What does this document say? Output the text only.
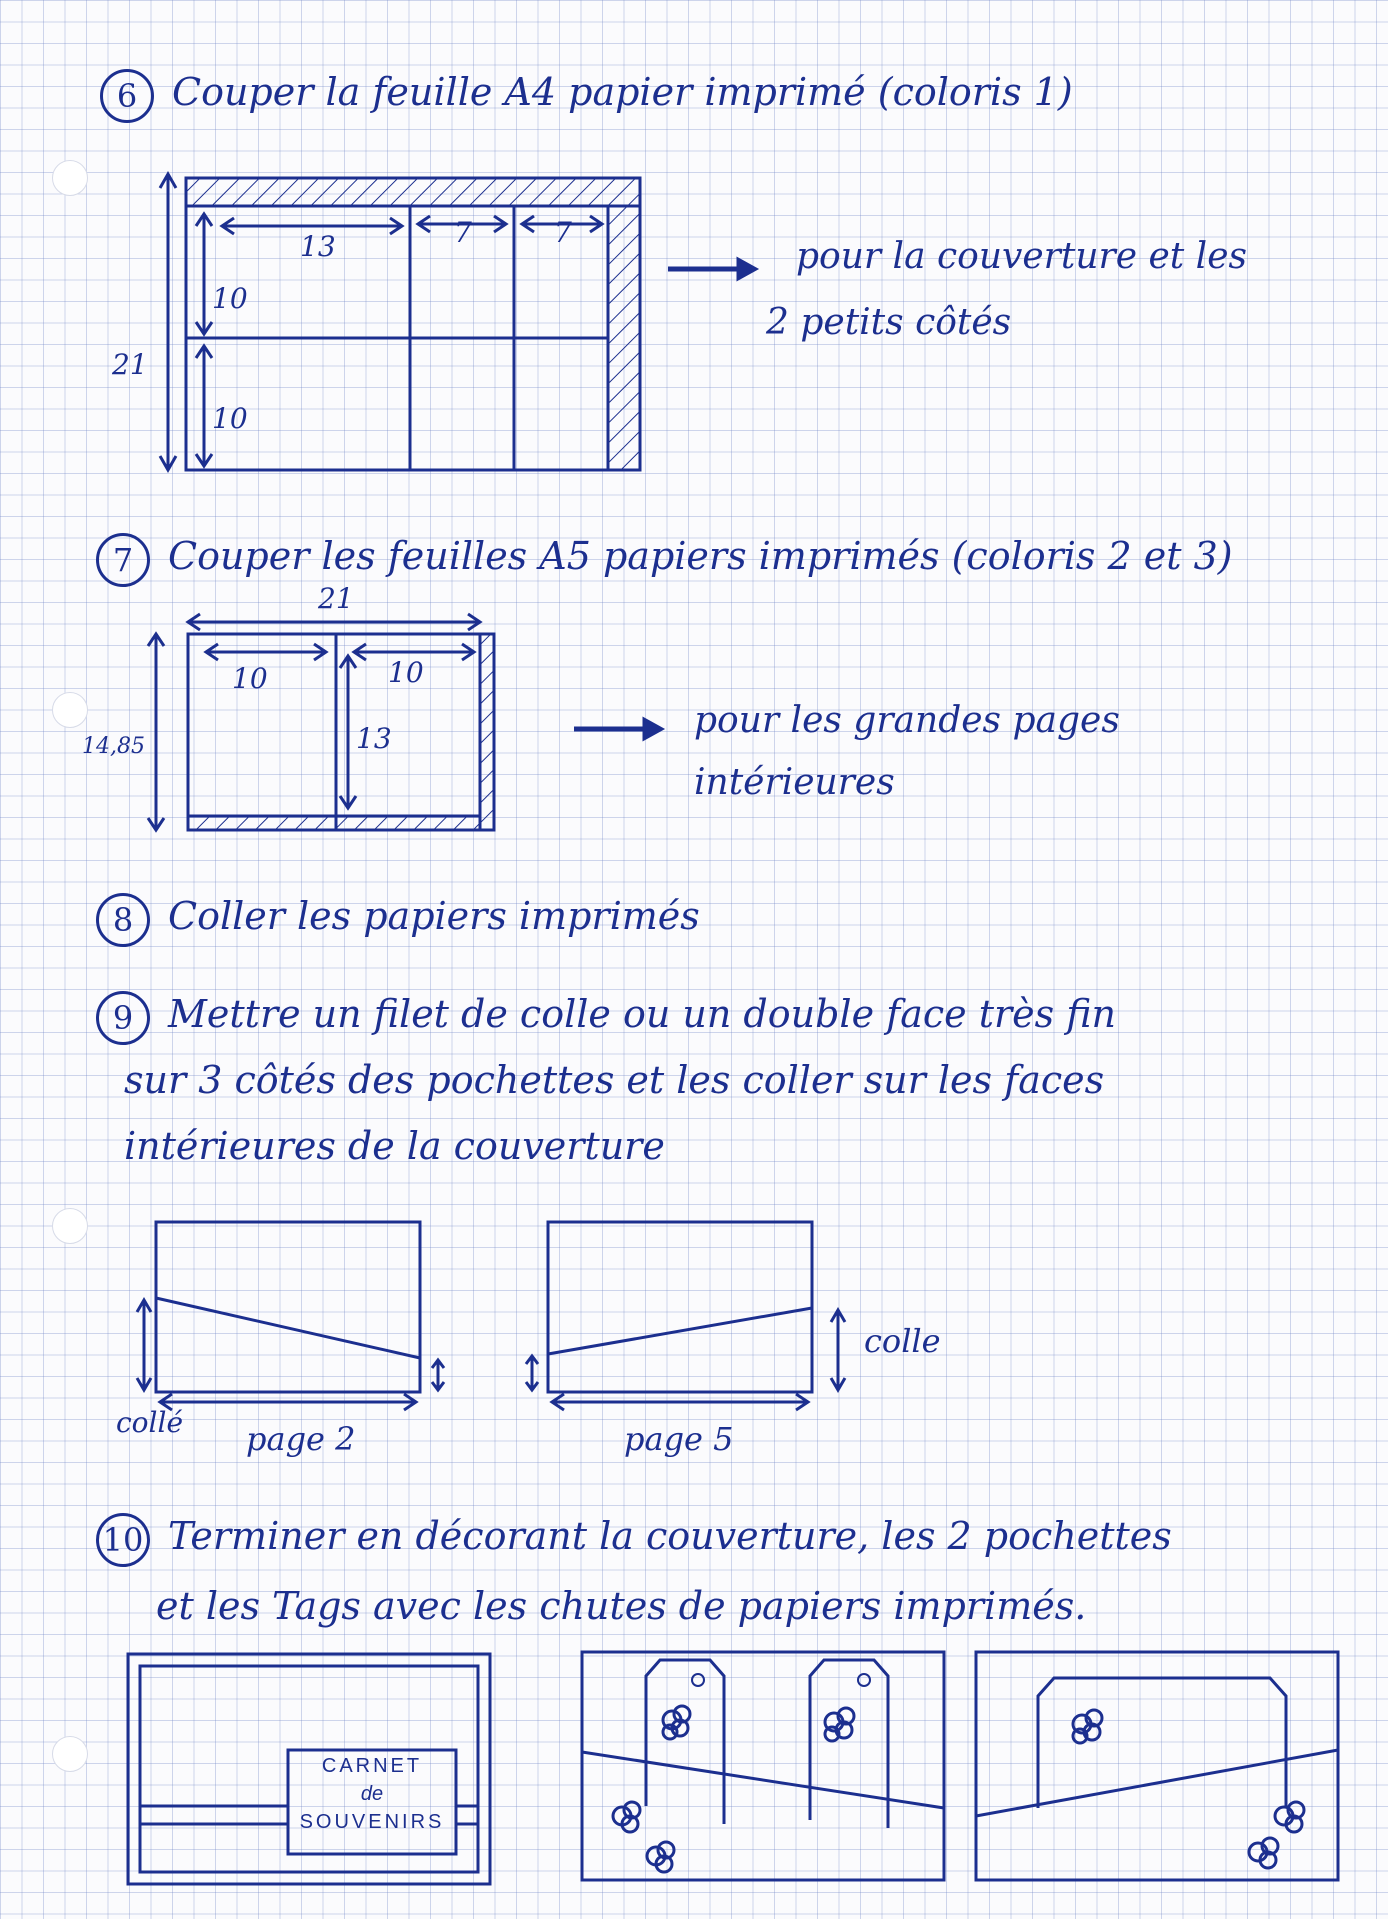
6 Couper la feuille A4 papier imprimé (coloris 1)
13	7	7
10
10
21
pour la couverture et les
2 petits côtés
7 Couper les feuilles A5 papiers imprimés (coloris 2 et 3)
21
10	10
13
14,85
pour les grandes pages
intérieures
8 Coller les papiers imprimés
9 Mettre un filet de colle ou un double face très fin
sur 3 côtés des pochettes et les coller sur les faces
intérieures de la couverture
collé page 2
colle
page 5
10 Terminer en décorant la couverture, les 2 pochettes
et les Tags avec les chutes de papiers imprimés.
CARNET
de
SOUVENIRS
